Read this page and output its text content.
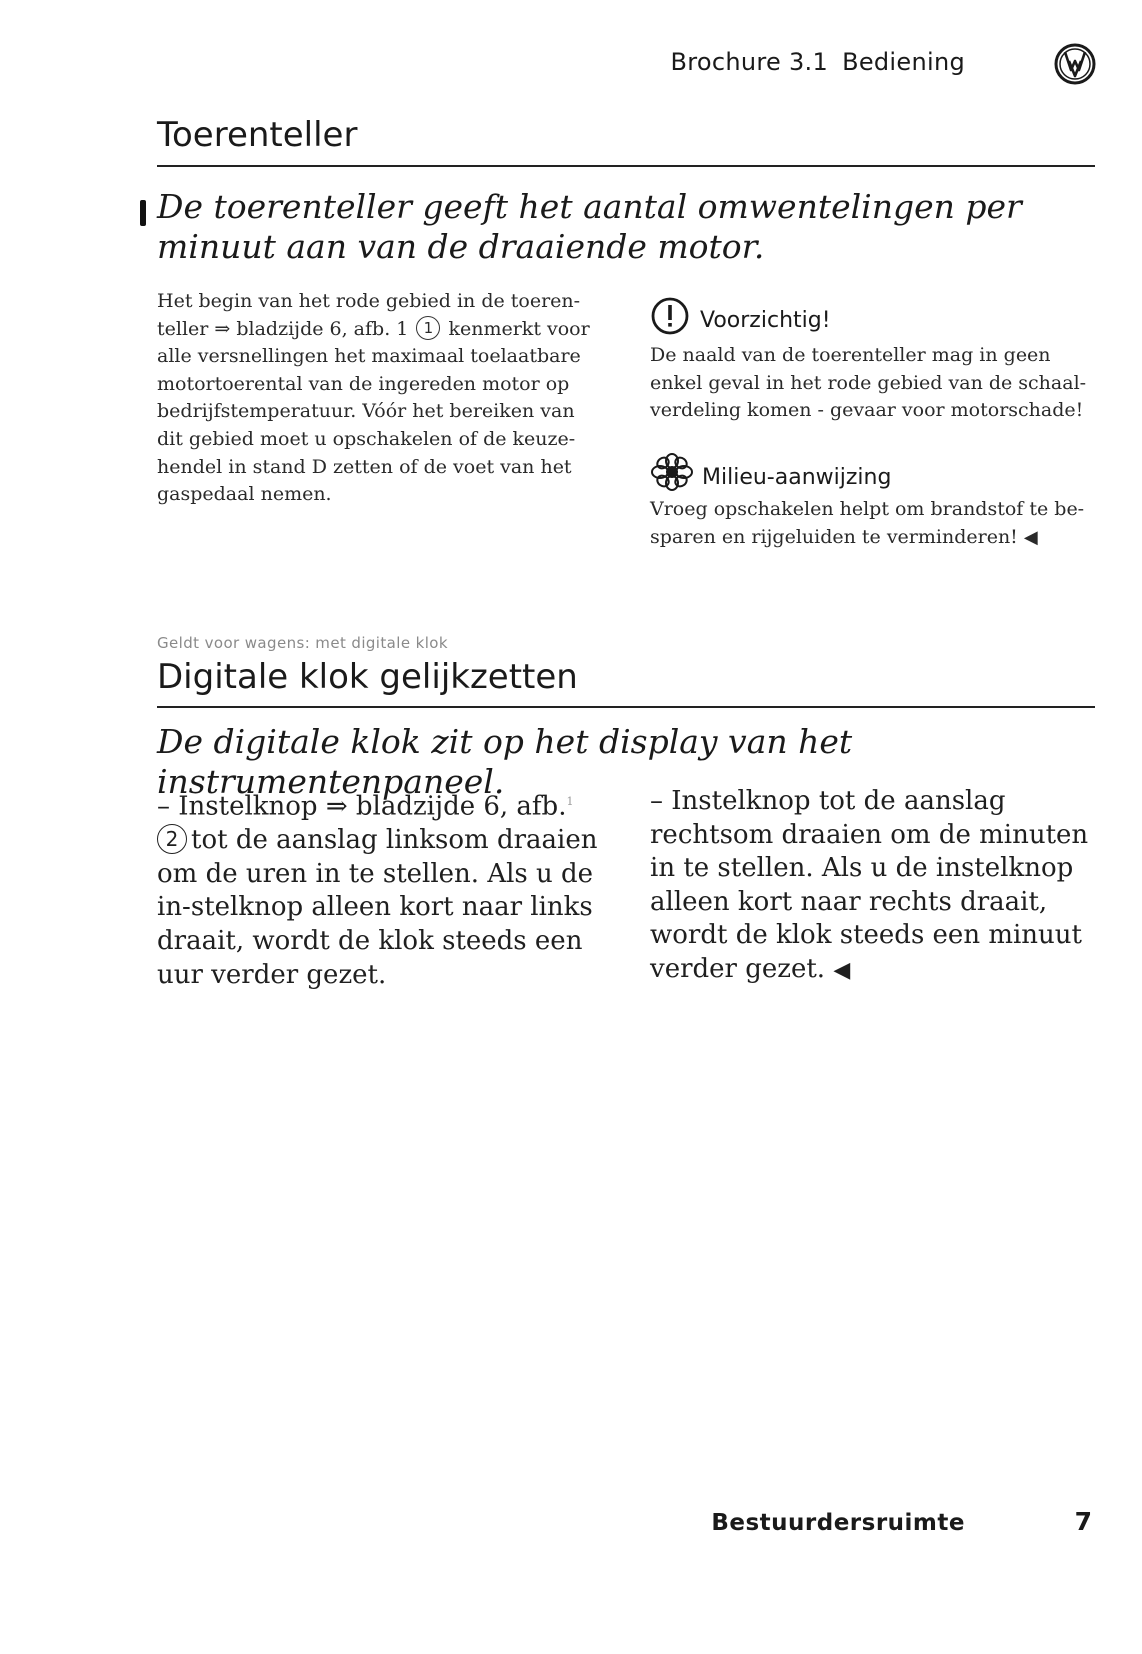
Brochure 3.1 Bediening
Toerenteller

De toerenteller geeft het aantal omwentelingen per minuut aan van de draaiende motor.

Het begin van het rode gebied in de toeren-teller ⇒ bladzijde 6, afb. 1 1 kenmerkt voor alle versnellingen het maximaal toelaatbare motortoerental van de ingereden motor op bedrijfstemperatuur. Vóór het bereiken van dit gebied moet u opschakelen of de keuze-hendel in stand D zetten of de voet van het gaspedaal nemen.

Voorzichtig!

De naald van de toerenteller mag in geen enkel geval in het rode gebied van de schaal-verdeling komen - gevaar voor motorschade!

Milieu-aanwijzing

Vroeg opschakelen helpt om brandstof te be-sparen en rijgeluiden te verminderen! ◀

Geldt voor wagens: met digitale klok
Digitale klok gelijkzetten

De digitale klok zit op het display van het instrumentenpaneel.

– Instelknop ⇒ bladzijde 6, afb.$^1$
2 tot de aanslag linksom draaien om de uren in te stellen. Als u de in-stelknop alleen kort naar links draait, wordt de klok steeds een uur verder gezet.

– Instelknop tot de aanslag rechtsom draaien om de minuten in te stellen. Als u de instelknop alleen kort naar rechts draait, wordt de klok steeds een minuut verder gezet. ◀

Bestuurdersruimte	7
